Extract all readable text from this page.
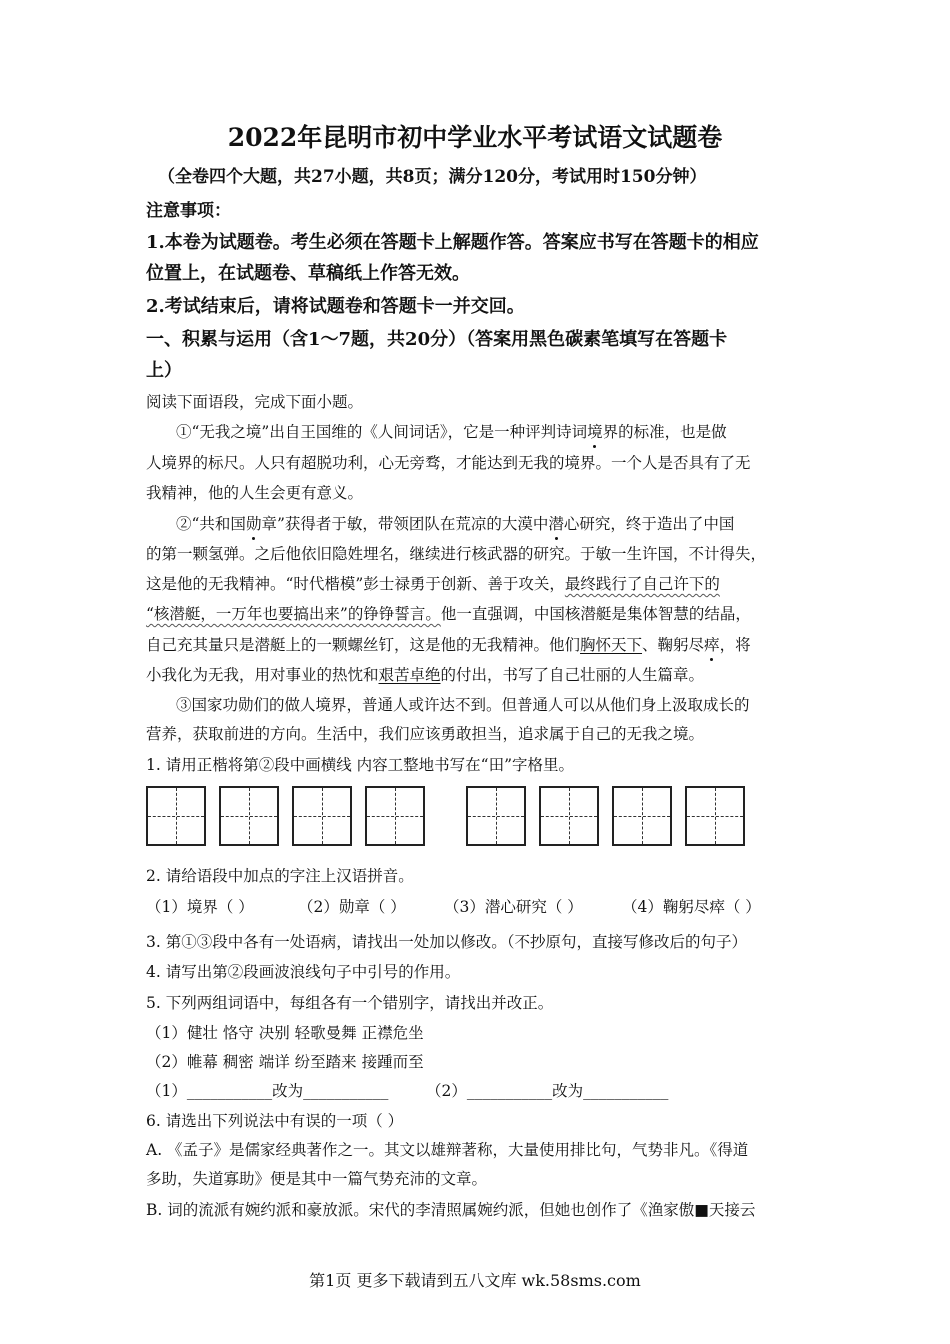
2022年昆明市初中学业水平考试语文试题卷
（全卷四个大题，共27小题，共8页；满分120分，考试用时150分钟）
注意事项：
1.本卷为试题卷。考生必须在答题卡上解题作答。答案应书写在答题卡的相应
位置上，在试题卷、草稿纸上作答无效。
2.考试结束后，请将试题卷和答题卡一并交回。
一、积累与运用（含1～7题，共20分）（答案用黑色碳素笔填写在答题卡
上）
阅读下面语段，完成下面小题。
①“无我之境”出自王国维的《人间词话》，它是一种评判诗词境界的标准，也是做
人境界的标尺。人只有超脱功利，心无旁骛，才能达到无我的境界。一个人是否具有了无
我精神，他的人生会更有意义。
②“共和国勋章”获得者于敏，带领团队在荒凉的大漠中潜心研究，终于造出了中国
的第一颗氢弹。之后他依旧隐姓埋名，继续进行核武器的研究。于敏一生许国，不计得失，
这是他的无我精神。“时代楷模”彭士禄勇于创新、善于攻关，最终践行了自己许下的
“核潜艇，一万年也要搞出来”的铮铮誓言。他一直强调，中国核潜艇是集体智慧的结晶，
自己充其量只是潜艇上的一颗螺丝钉，这是他的无我精神。他们胸怀天下、鞠躬尽瘁，将
小我化为无我，用对事业的热忱和艰苦卓绝的付出，书写了自己壮丽的人生篇章。
③国家功勋们的做人境界，普通人或许达不到。但普通人可以从他们身上汲取成长的
营养，获取前进的方向。生活中，我们应该勇敢担当，追求属于自己的无我之境。
1. 请用正楷将第②段中画横线 内容工整地书写在“田”字格里。
2. 请给语段中加点的字注上汉语拼音。
（1）境界（ ）	（2）勋章（ ） （3）潜心研究（ ）	（4）鞠躬尽瘁（ ）
3. 第①③段中各有一处语病，请找出一处加以修改。（不抄原句，直接写修改后的句子）
4. 请写出第②段画波浪线句子中引号的作用。
5. 下列两组词语中，每组各有一个错别字，请找出并改正。
（1）健壮 恪守 决别 轻歌曼舞 正襟危坐
（2）帷幕 稠密 端详 纷至踏来 接踵而至
（1）___________改为___________ （2）___________改为___________
6. 请选出下列说法中有误的一项（ ）
A. 《孟子》是儒家经典著作之一。其文以雄辩著称，大量使用排比句，气势非凡。《得道
多助，失道寡助》便是其中一篇气势充沛的文章。
B. 词的流派有婉约派和豪放派。宋代的李清照属婉约派，但她也创作了《渔家傲■天接云
第1页 更多下载请到五八文库 wk.58sms.com
